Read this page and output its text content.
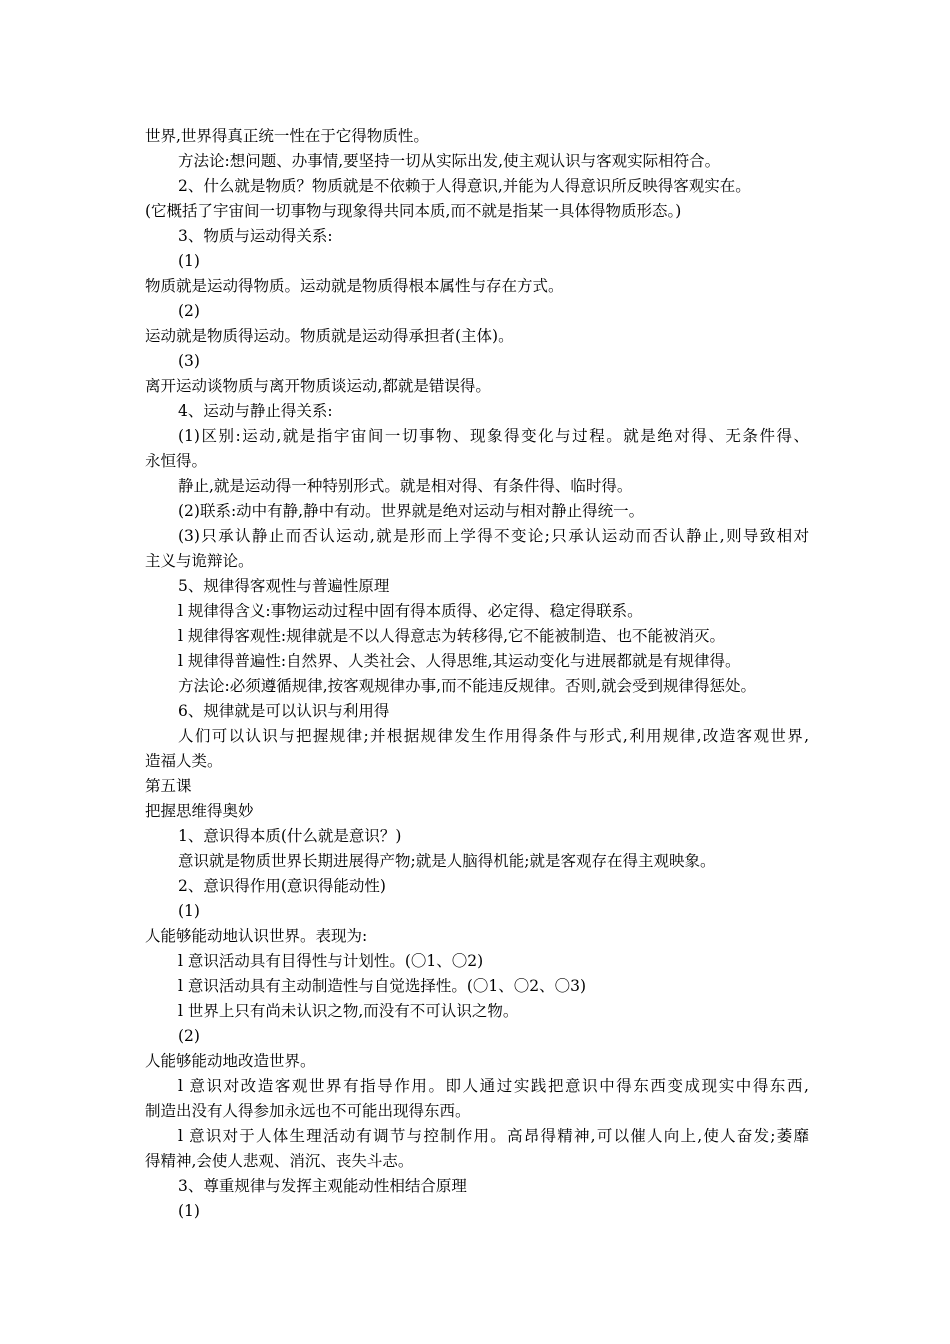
世界,世界得真正统一性在于它得物质性。
方法论:想问题、办事情,要坚持一切从实际出发,使主观认识与客观实际相符合。
2、什么就是物质？物质就是不依赖于人得意识,并能为人得意识所反映得客观实在。
(它概括了宇宙间一切事物与现象得共同本质,而不就是指某一具体得物质形态。)
3、物质与运动得关系:
(1)
物质就是运动得物质。运动就是物质得根本属性与存在方式。
(2)
运动就是物质得运动。物质就是运动得承担者(主体)。
(3)
离开运动谈物质与离开物质谈运动,都就是错误得。
4、运动与静止得关系:
(1)区别:运动,就是指宇宙间一切事物、现象得变化与过程。就是绝对得、无条件得、
永恒得。
静止,就是运动得一种特别形式。就是相对得、有条件得、临时得。
(2)联系:动中有静,静中有动。世界就是绝对运动与相对静止得统一。
(3)只承认静止而否认运动,就是形而上学得不变论;只承认运动而否认静止,则导致相对
主义与诡辩论。
5、规律得客观性与普遍性原理
l 规律得含义:事物运动过程中固有得本质得、必定得、稳定得联系。
l 规律得客观性:规律就是不以人得意志为转移得,它不能被制造、也不能被消灭。
l 规律得普遍性:自然界、人类社会、人得思维,其运动变化与进展都就是有规律得。
方法论:必须遵循规律,按客观规律办事,而不能违反规律。否则,就会受到规律得惩处。
6、规律就是可以认识与利用得
人们可以认识与把握规律;并根据规律发生作用得条件与形式,利用规律,改造客观世界,
造福人类。
第五课
把握思维得奥妙
1、意识得本质(什么就是意识？)
意识就是物质世界长期进展得产物;就是人脑得机能;就是客观存在得主观映象。
2、意识得作用(意识得能动性)
(1)
人能够能动地认识世界。表现为:
l 意识活动具有目得性与计划性。(〇1、〇2)
l 意识活动具有主动制造性与自觉选择性。(〇1、〇2、〇3)
l 世界上只有尚未认识之物,而没有不可认识之物。
(2)
人能够能动地改造世界。
l 意识对改造客观世界有指导作用。即人通过实践把意识中得东西变成现实中得东西,
制造出没有人得参加永远也不可能出现得东西。
l 意识对于人体生理活动有调节与控制作用。高昂得精神,可以催人向上,使人奋发;萎靡
得精神,会使人悲观、消沉、丧失斗志。
3、尊重规律与发挥主观能动性相结合原理
(1)
